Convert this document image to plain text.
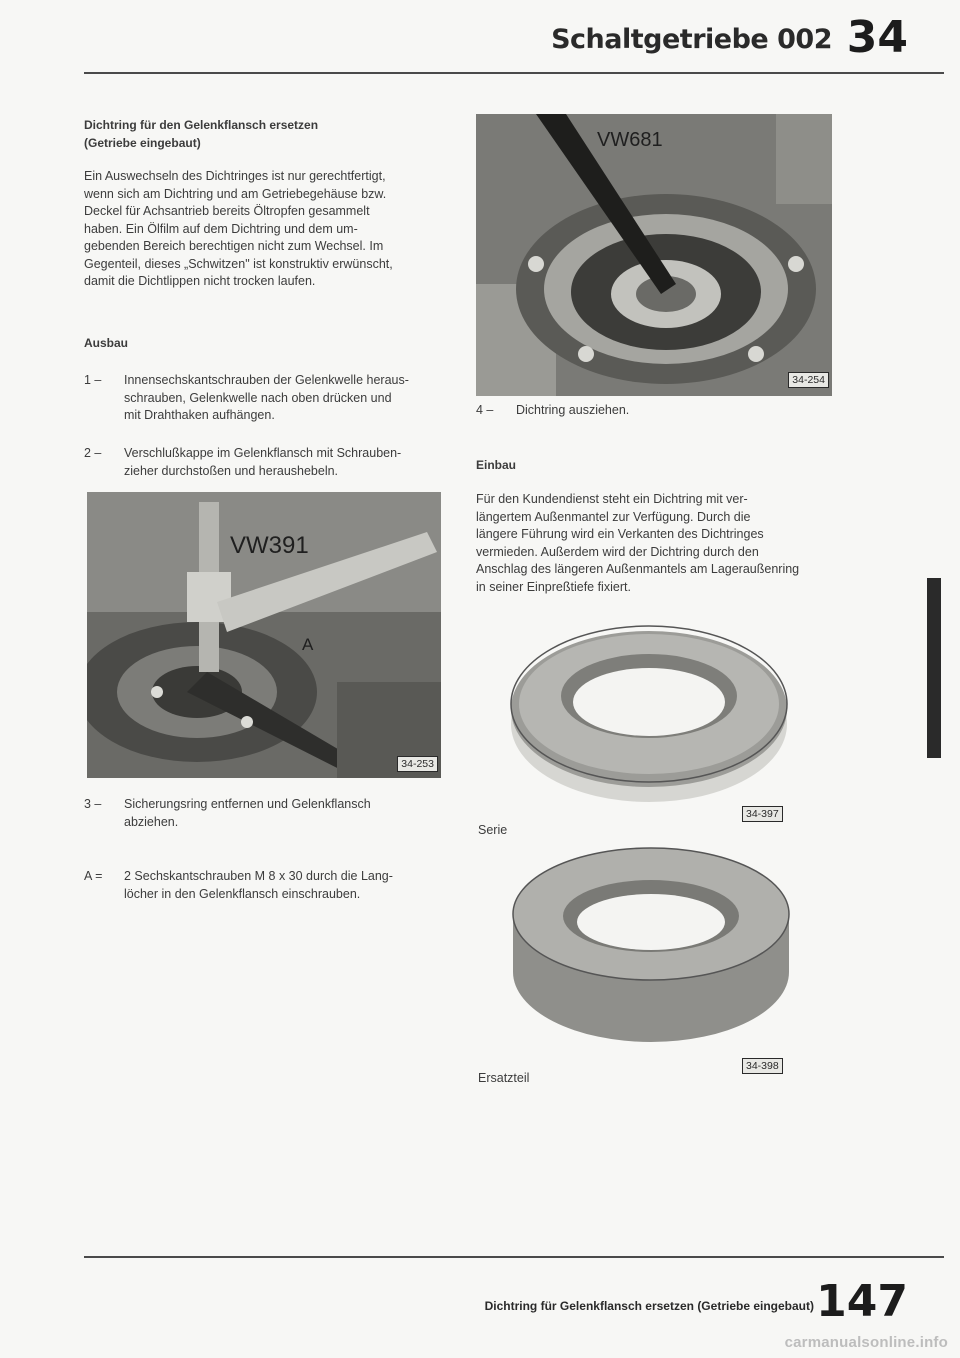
Schaltgetriebe 002 34
Dichtring für den Gelenkflansch ersetzen
(Getriebe eingebaut)
Ein Auswechseln des Dichtringes ist nur gerechtfertigt,
wenn sich am Dichtring und am Getriebegehäuse bzw.
Deckel für Achsantrieb bereits Öltropfen gesammelt
haben. Ein Ölfilm auf dem Dichtring und dem um-
gebenden Bereich berechtigen nicht zum Wechsel. Im
Gegenteil, dieses „Schwitzen" ist konstruktiv erwünscht,
damit die Dichtlippen nicht trocken laufen.
Ausbau
1 –	Innensechskantschrauben der Gelenkwelle heraus-
schrauben, Gelenkwelle nach oben drücken und
mit Drahthaken aufhängen.
2 –	Verschlußkappe im Gelenkflansch mit Schrauben-
zieher durchstoßen und heraushebeln.
VW391
A
34-253
3 –	Sicherungsring entfernen und Gelenkflansch
abziehen.
A =	2 Sechskantschrauben M 8 x 30 durch die Lang-
löcher in den Gelenkflansch einschrauben.
VW681
34-254
4 –	Dichtring ausziehen.
Einbau
Für den Kundendienst steht ein Dichtring mit ver-
längertem Außenmantel zur Verfügung. Durch die
längere Führung wird ein Verkanten des Dichtringes
vermieden. Außerdem wird der Dichtring durch den
Anschlag des längeren Außenmantels am Lageraußenring
in seiner Einpreßtiefe fixiert.
34-397
Serie
34-398
Ersatzteil
Dichtring für Gelenkflansch ersetzen (Getriebe eingebaut) 147
carmanualsonline.info
